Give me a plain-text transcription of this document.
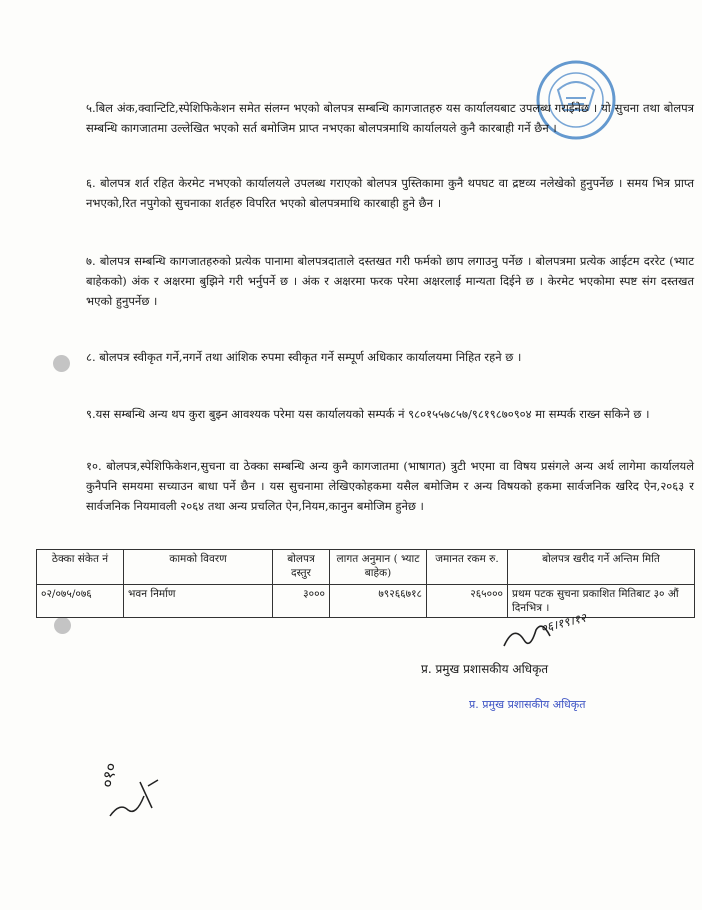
५.बिल अंक,क्वान्टिटि,स्पेशिफिकेशन समेत संलग्न भएको बोलपत्र सम्बन्धि कागजातहरु यस कार्यालयबाट उपलब्ध गराईनेछ । यो सुचना तथा बोलपत्र सम्बन्धि कागजातमा उल्लेखित भएको सर्त बमोजिम प्राप्त नभएका बोलपत्रमाथि कार्यालयले कुनै कारबाही गर्ने छैन ।

६. बोलपत्र शर्त रहित केरमेट नभएको कार्यालयले उपलब्ध गराएको बोलपत्र पुस्तिकामा कुनै थपघट वा द्रष्टव्य नलेखेको हुनुपर्नेछ । समय भित्र प्राप्त नभएको,रित नपुगेको सुचनाका शर्तहरु विपरित भएको बोलपत्रमाथि कारबाही हुने छैन ।

७. बोलपत्र सम्बन्धि कागजातहरुको प्रत्येक पानामा बोलपत्रदाताले दस्तखत गरी फर्मको छाप लगाउनु पर्नेछ । बोलपत्रमा प्रत्येक आईटम दररेट (भ्याट बाहेकको) अंक र अक्षरमा बुझिने गरी भर्नुपर्ने छ । अंक र अक्षरमा फरक परेमा अक्षरलाई मान्यता दिईने छ । केरमेट भएकोमा स्पष्ट संग दस्तखत भएको हुनुपर्नेछ ।

८. बोलपत्र स्वीकृत गर्ने,नगर्ने तथा आंशिक रुपमा स्वीकृत गर्ने सम्पूर्ण अधिकार कार्यालयमा निहित रहने छ ।

९.यस सम्बन्धि अन्य थप कुरा बुझ्न आवश्यक परेमा यस कार्यालयको सम्पर्क नं ९८०१५५७८५७/९८१९८७०९०४ मा सम्पर्क राख्न सकिने छ ।

१०. बोलपत्र,स्पेशिफिकेशन,सुचना वा ठेक्का सम्बन्धि अन्य कुनै कागजातमा (भाषागत) त्रुटी भएमा वा विषय प्रसंगले अन्य अर्थ लागेमा कार्यालयले कुनैपनि समयमा सच्याउन बाधा पर्ने छैन । यस सुचनामा लेखिएकोहकमा यसैल बमोजिम र अन्य विषयको हकमा सार्वजनिक खरिद ऐन,२०६३ र सार्वजनिक नियमावली २०६४ तथा अन्य प्रचलित ऐन,नियम,कानुन बमोजिम हुनेछ ।

ठेक्का संकेत नं	कामको विवरण	बोलपत्र दस्तुर	लागत अनुमान ( भ्याट बाहेक)	जमानत रकम रु.	बोलपत्र खरीद गर्ने अन्तिम मिति
०२/०७५/०७६	भवन निर्माण	३०००	७९२६६७१८	२६५०००	प्रथम पटक सुचना प्रकाशित मितिबाट ३० औं दिनभित्र ।
०६।१९।१२
प्र. प्रमुख प्रशासकीय अधिकृत
प्र. प्रमुख प्रशासकीय अधिकृत
०१०
